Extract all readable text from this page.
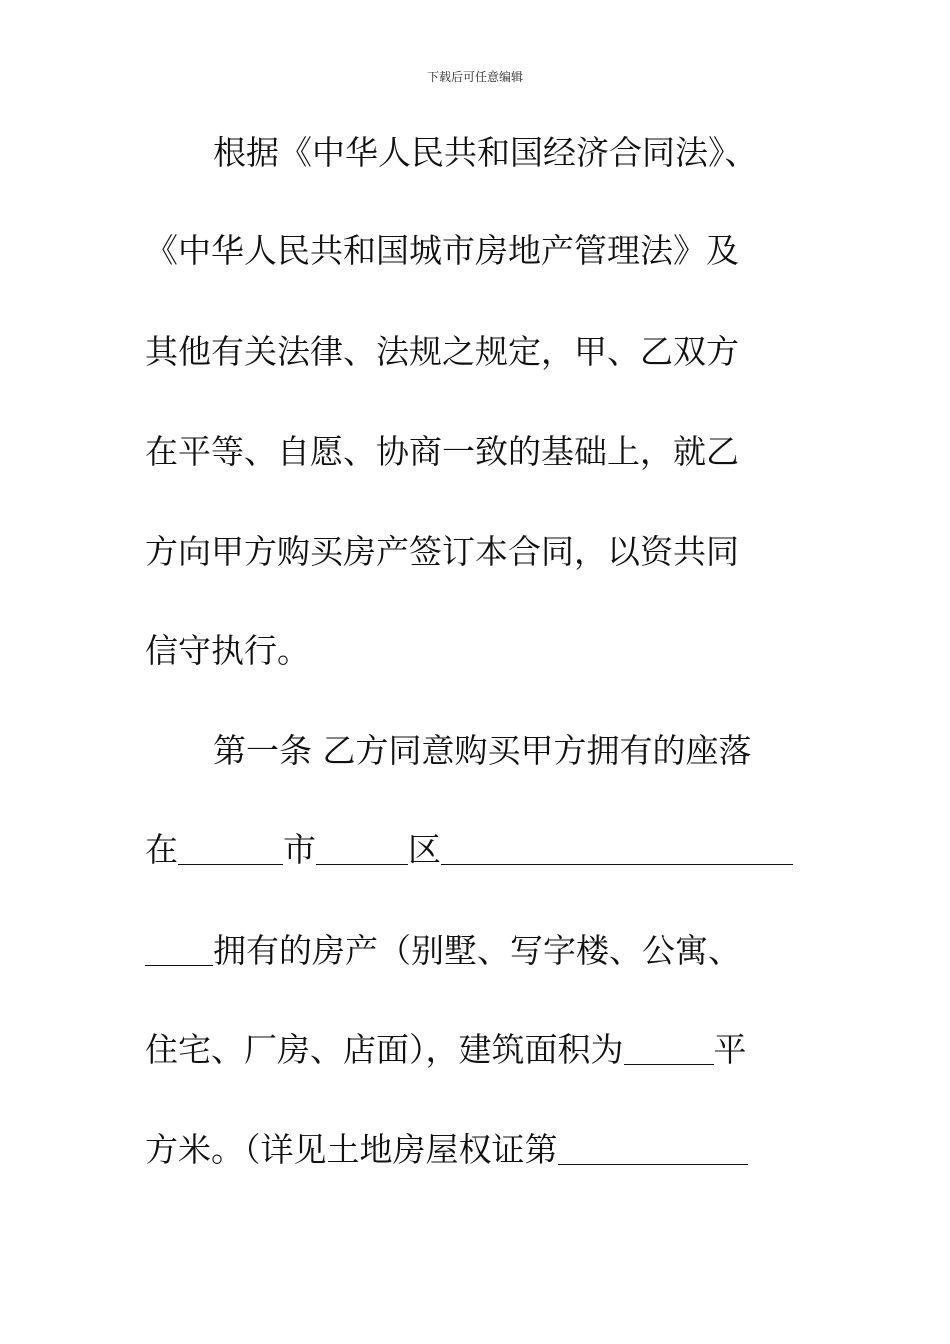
下载后可任意编辑
根据《中华人民共和国经济合同法》、
《中华人民共和国城市房地产管理法》及
其他有关法律、法规之规定，甲、乙双方
在平等、自愿、协商一致的基础上，就乙
方向甲方购买房产签订本合同，以资共同
信守执行。
第一条 乙方同意购买甲方拥有的座落
在	市	区
拥有的房产（别墅、写字楼、公寓、
住宅、厂房、店面），建筑面积为	平
方米。（详见土地房屋权证第
